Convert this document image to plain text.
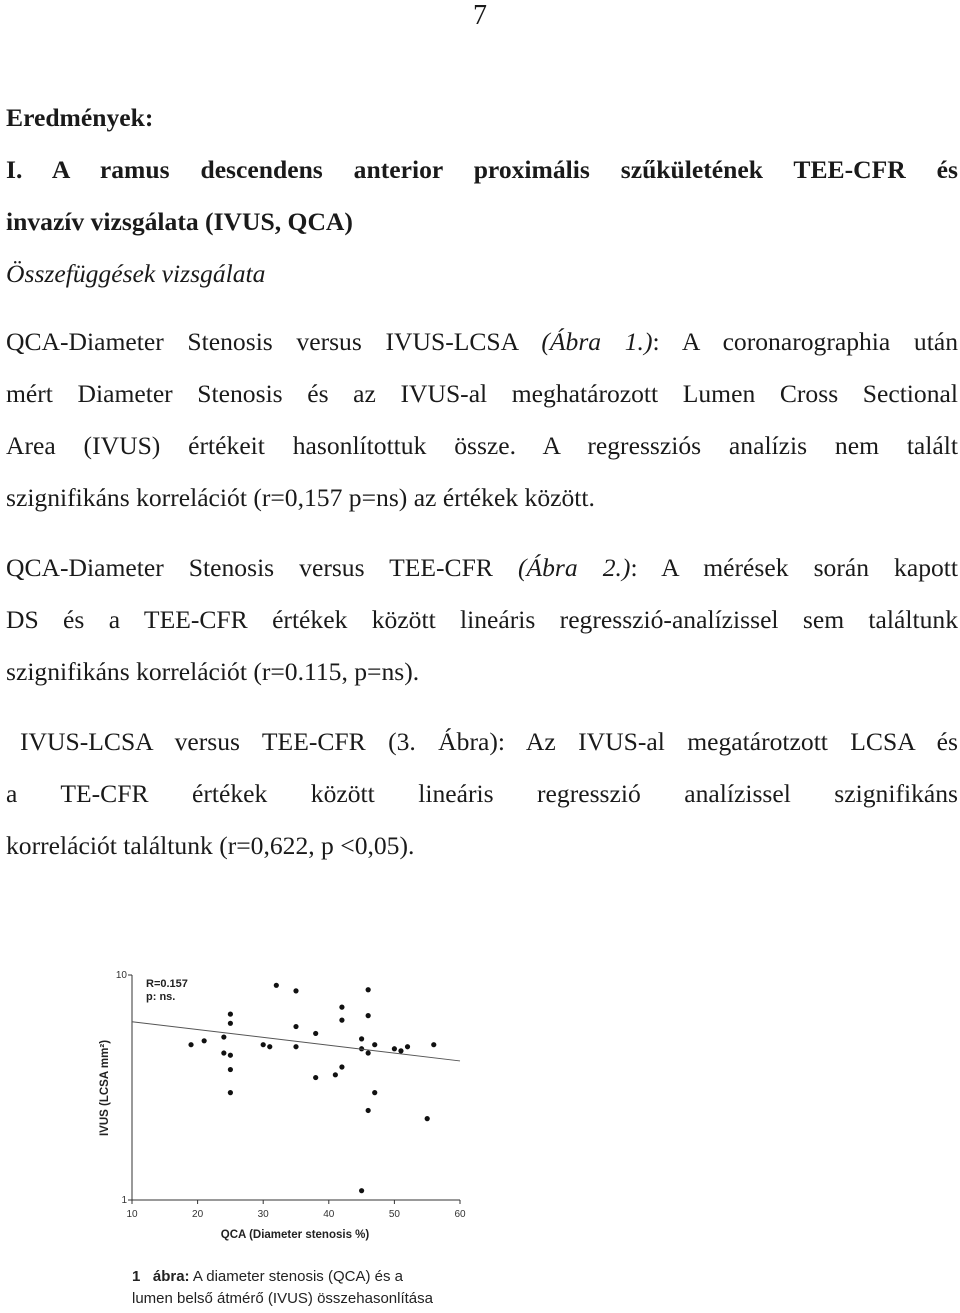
7
Eredmények:
I. A ramus descendens anterior proximális szűkületének TEE-CFR és
invazív vizsgálata (IVUS, QCA)
Összefüggések vizsgálata
QCA-Diameter Stenosis versus IVUS-LCSA (Ábra 1.): A coronarographia után
mért Diameter Stenosis és az IVUS-al meghatározott Lumen Cross Sectional
Area (IVUS) értékeit hasonlítottuk össze. A regressziós analízis nem talált
szignifikáns korrelációt (r=0,157 p=ns) az értékek között.
QCA-Diameter Stenosis versus TEE-CFR (Ábra 2.): A mérések során kapott
DS és a TEE-CFR értékek között lineáris regresszió-analízissel sem találtunk
szignifikáns korrelációt (r=0.115, p=ns).
IVUS-LCSA versus TEE-CFR (3. Ábra): Az IVUS-al megatárotzott LCSA és
a TE-CFR értékek között lineáris regresszió analízissel szignifikáns
korrelációt találtunk (r=0,622, p <0,05).
10	20	30	40	50	60
1
10
R=0.157
p: ns.
QCA (Diameter stenosis %)
IVUS (LCSA mm²)
1 ábra: A diameter stenosis (QCA) és a
lumen belső átmérő (IVUS) összehasonlítása
